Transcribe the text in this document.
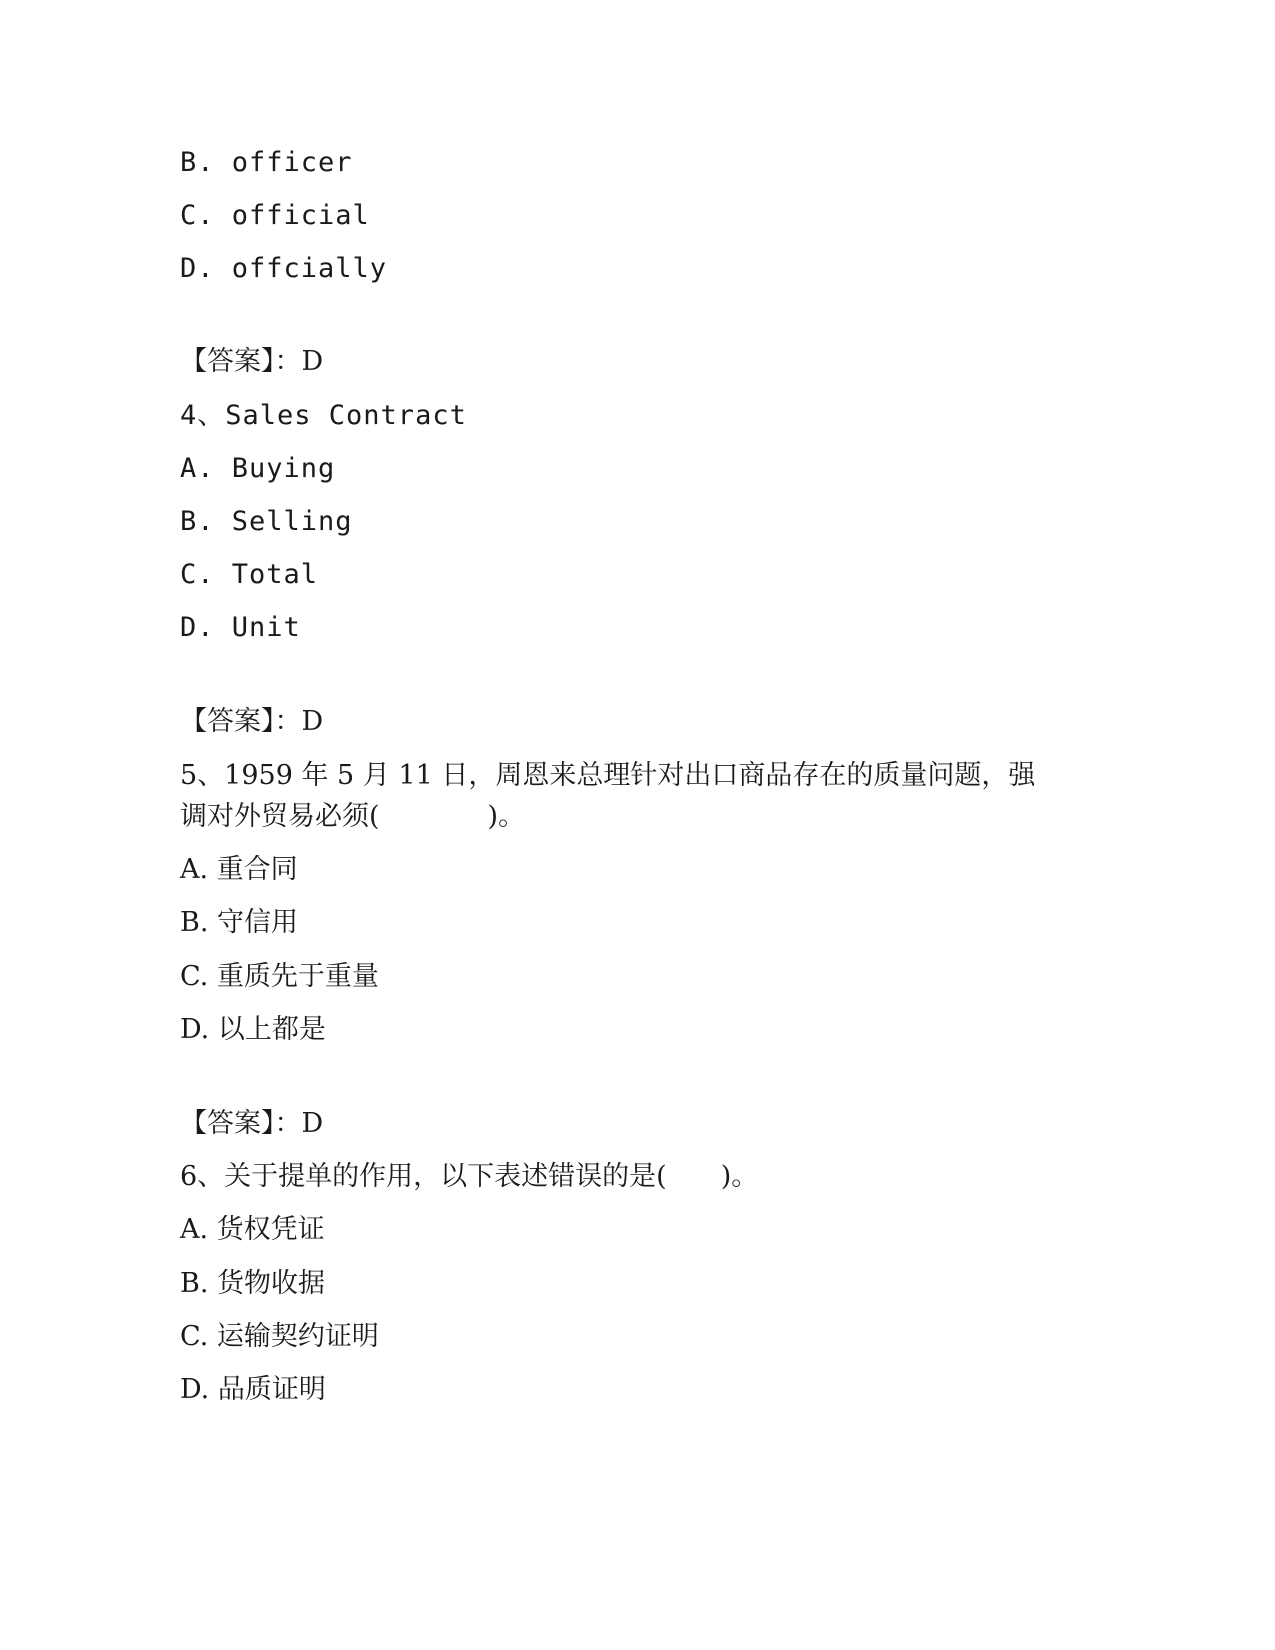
B. officer
C. official
D. offcially
【答案】：D
4、Sales Contract
A. Buying
B. Selling
C. Total
D. Unit
【答案】：D
5、1959 年 5 月 11 日，周恩来总理针对出口商品存在的质量问题，强
调对外贸易必须(　　　　)。
A. 重合同
B. 守信用
C. 重质先于重量
D. 以上都是
【答案】：D
6、关于提单的作用，以下表述错误的是(　　)。
A. 货权凭证
B. 货物收据
C. 运输契约证明
D. 品质证明
